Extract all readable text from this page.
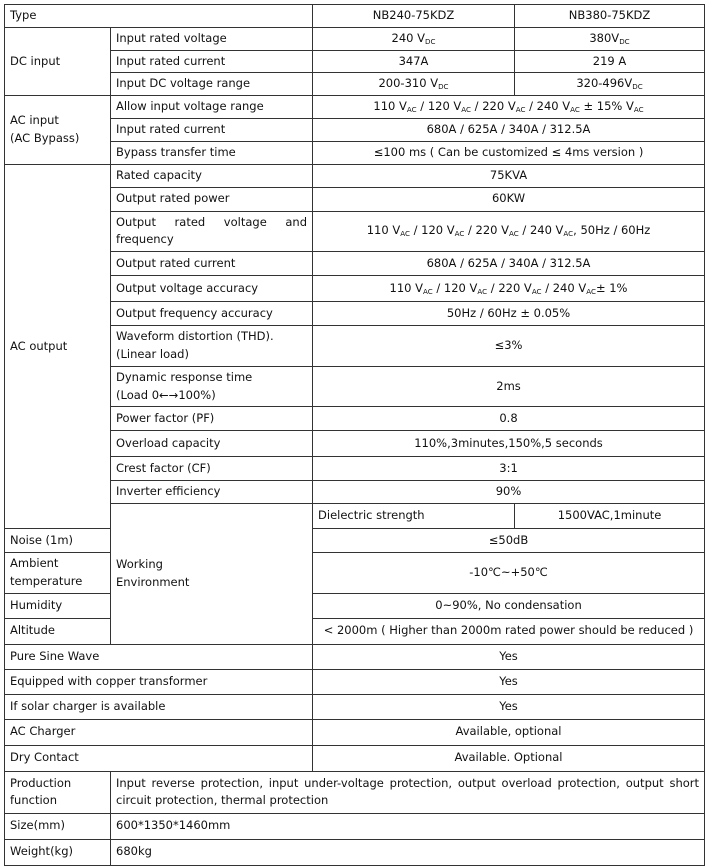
Type		NB240-75KDZ	NB380-75KDZ
DC input	Input rated voltage	240 $V_{DC}$	$380V_{DC}$
	Input rated current	347A	219 A
	Input DC voltage range	200-310 $V_{DC}$	$320-496V_{DC}$
AC input
(AC Bypass)	Allow input voltage range	110 $V_{AC} / 120$ $V_{AC} / 220$ $V_{AC} / 240$ $V_{AC} \pm 15\%$ $V_{AC}$
	Input rated current	680A / 625A / 340A / 312.5A	
	Bypass transfer time	≤100 ms ( Can be customized ≤ 4ms version )	
AC output	Rated capacity	75KVA	
	Output rated power	60KW	
	Output rated voltage and frequency	110 $V_{AC} / 120$ $V_{AC} / 220$ $V_{AC} / 240$ $V_{AC}$, 50Hz / 60Hz	
	Output rated current	680A / 625A / 340A / 312.5A	
	Output voltage accuracy	110 $V_{AC} / 120$ $V_{AC} / 220$ $V_{AC} / 240$ $V_{AC}\pm 1\%$	
	Output frequency accuracy	50Hz / 60Hz ± 0.05%	
	Waveform distortion (THD).
(Linear load)	≤3%	
	Dynamic response time
(Load 0←→100%)	2ms	
	Power factor (PF)	0.8	
	Overload capacity	110%,3minutes,150%,5 seconds	
	Crest factor (CF)	3:1	
	Inverter efficiency	90%	
	Working
Environment	Dielectric strength	1500VAC,1minute
Noise (1m)		≤50dB	
Ambient temperature		-10℃~+50℃	
Humidity		0~90%, No condensation	
Altitude		< 2000m ( Higher than 2000m rated power should be reduced )	
Pure Sine Wave		Yes	
Equipped with copper transformer		Yes	
If solar charger is available		Yes	
AC Charger		Available, optional	
Dry Contact		Available. Optional	
Production
function	Input reverse protection, input under-voltage protection, output overload protection, output short circuit protection, thermal protection		
Size(mm)	600*1350*1460mm		
Weight(kg)	680kg		
